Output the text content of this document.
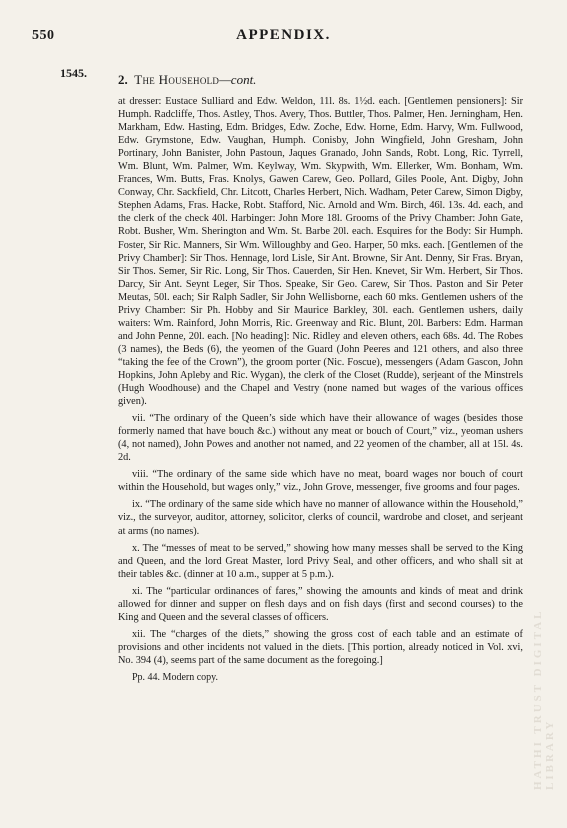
550	APPENDIX.
1545. 2. The Household—cont.

at dresser: Eustace Sulliard and Edw. Weldon, 11l. 8s. 1½d. each. [Gentlemen pensioners]: Sir Humph. Radcliffe, Thos. Astley, Thos. Avery, Thos. Buttler, Thos. Palmer, Hen. Jerningham, Hen. Markham, Edw. Hasting, Edm. Bridges, Edw. Zoche, Edw. Horne, Edm. Harvy, Wm. Fullwood, Edw. Grymstone, Edw. Vaughan, Humph. Conisby, John Wingfield, John Gresham, John Portinary, John Banister, John Pastoun, Jaques Granado, John Sands, Robt. Long, Ric. Tyrrell, Wm. Blunt, Wm. Palmer, Wm. Keylway, Wm. Skypwith, Wm. Ellerker, Wm. Bonham, Wm. Frances, Wm. Butts, Fras. Knolys, Gawen Carew, Geo. Pollard, Giles Poole, Ant. Digby, John Conway, Chr. Sackfield, Chr. Litcott, Charles Herbert, Nich. Wadham, Peter Carew, Simon Digby, Stephen Adams, Fras. Hacke, Robt. Stafford, Nic. Arnold and Wm. Birch, 46l. 13s. 4d. each, and the clerk of the check 40l. Harbinger: John More 18l. Grooms of the Privy Chamber: John Gate, Robt. Busher, Wm. Sherington and Wm. St. Barbe 20l. each. Esquires for the Body: Sir Humph. Foster, Sir Ric. Manners, Sir Wm. Willoughby and Geo. Harper, 50 mks. each. [Gentlemen of the Privy Chamber]: Sir Thos. Hennage, lord Lisle, Sir Ant. Browne, Sir Ant. Denny, Sir Fras. Bryan, Sir Thos. Semer, Sir Ric. Long, Sir Thos. Cauerden, Sir Hen. Knevet, Sir Wm. Herbert, Sir Thos. Darcy, Sir Ant. Seynt Leger, Sir Thos. Speake, Sir Geo. Carew, Sir Thos. Paston and Sir Peter Meutas, 50l. each; Sir Ralph Sadler, Sir John Wellisborne, each 60 mks. Gentlemen ushers of the Privy Chamber: Sir Ph. Hobby and Sir Maurice Barkley, 30l. each. Gentlemen ushers, daily waiters: Wm. Rainford, John Morris, Ric. Greenway and Ric. Blunt, 20l. Barbers: Edm. Harman and John Penne, 20l. each. [No heading]: Nic. Ridley and eleven others, each 68s. 4d. The Robes (3 names), the Beds (6), the yeomen of the Guard (John Peeres and 121 others, and also three “taking the fee of the Crown”), the groom porter (Nic. Foscue), messengers (Adam Gascon, John Hopkins, John Apleby and Ric. Wygan), the clerk of the Closet (Rudde), serjeant of the Minstrels (Hugh Woodhouse) and the Chapel and Vestry (none named but wages of the various offices given).

vii. “The ordinary of the Queen’s side which have their allowance of wages (besides those formerly named that have bouch &c.) without any meat or bouch of Court,” viz., yeoman ushers (4, not named), John Powes and another not named, and 22 yeomen of the chamber, all at 15l. 4s. 2d.

viii. “The ordinary of the same side which have no meat, board wages nor bouch of court within the Household, but wages only,” viz., John Grove, messenger, five grooms and four pages.

ix. “The ordinary of the same side which have no manner of allowance within the Household,” viz., the surveyor, auditor, attorney, solicitor, clerks of council, wardrobe and closet, and serjeant at arms (no names).

x. The “messes of meat to be served,” showing how many messes shall be served to the King and Queen, and the lord Great Master, lord Privy Seal, and other officers, and who shall sit at their tables &c. (dinner at 10 a.m., supper at 5 p.m.).

xi. The “particular ordinances of fares,” showing the amounts and kinds of meat and drink allowed for dinner and supper on flesh days and on fish days (first and second courses) to the King and Queen and the several classes of officers.

xii. The “charges of the diets,” showing the gross cost of each table and an estimate of provisions and other incidents not valued in the diets. [This portion, already noticed in Vol. xvi, No. 394 (4), seems part of the same document as the foregoing.]

Pp. 44. Modern copy.	HATHI TRUST DIGITAL LIBRARY
